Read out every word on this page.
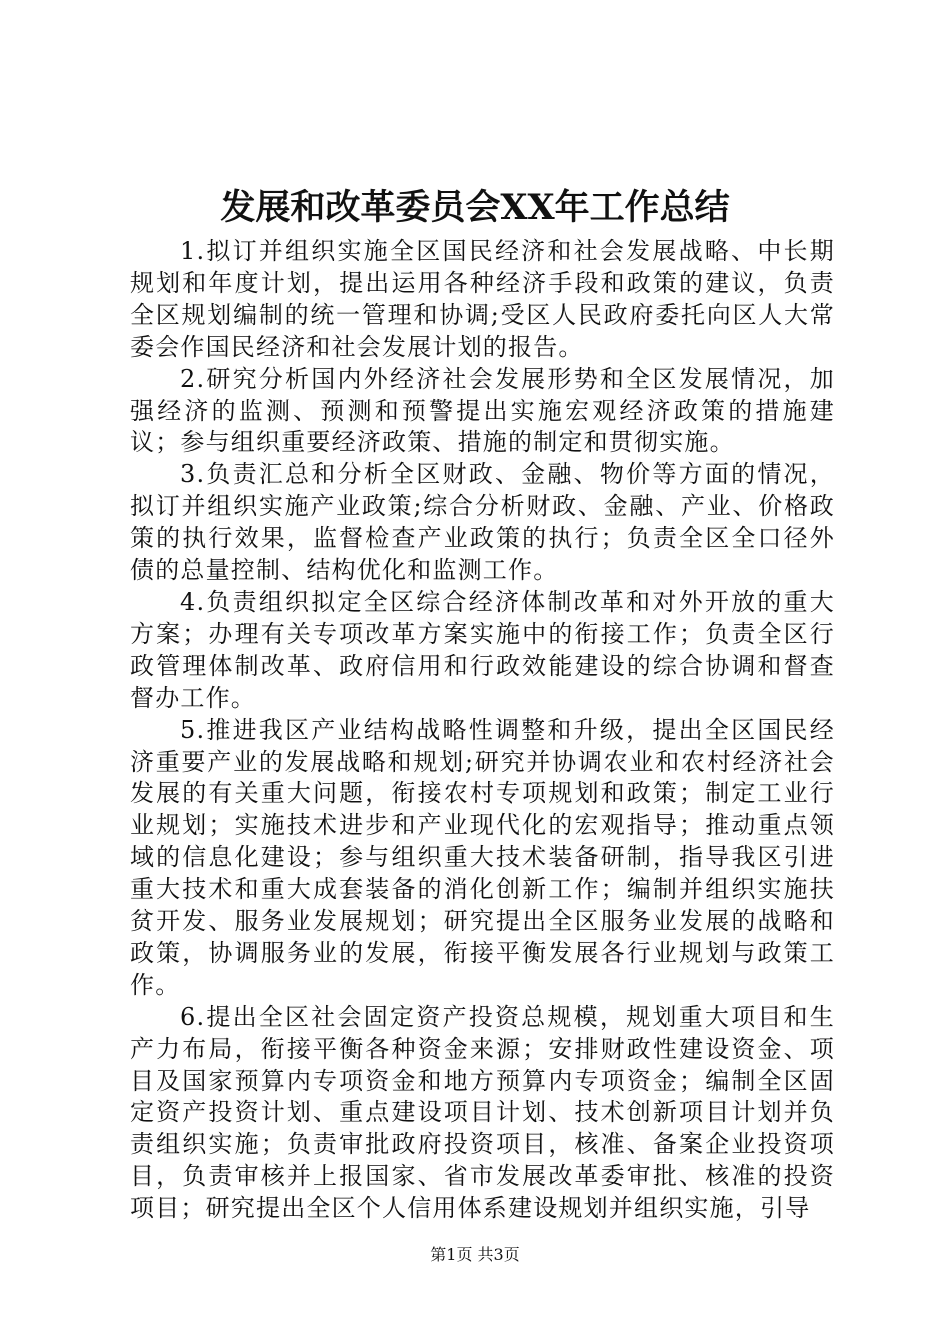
发展和改革委员会XX年工作总结

1.拟订并组织实施全区国民经济和社会发展战略、中长期规划和年度计划，提出运用各种经济手段和政策的建议，负责全区规划编制的统一管理和协调;受区人民政府委托向区人大常委会作国民经济和社会发展计划的报告。

2.研究分析国内外经济社会发展形势和全区发展情况，加强经济的监测、预测和预警提出实施宏观经济政策的措施建议；参与组织重要经济政策、措施的制定和贯彻实施。

3.负责汇总和分析全区财政、金融、物价等方面的情况，拟订并组织实施产业政策;综合分析财政、金融、产业、价格政策的执行效果，监督检查产业政策的执行；负责全区全口径外债的总量控制、结构优化和监测工作。

4.负责组织拟定全区综合经济体制改革和对外开放的重大方案；办理有关专项改革方案实施中的衔接工作；负责全区行政管理体制改革、政府信用和行政效能建设的综合协调和督查督办工作。

5.推进我区产业结构战略性调整和升级，提出全区国民经济重要产业的发展战略和规划;研究并协调农业和农村经济社会发展的有关重大问题，衔接农村专项规划和政策；制定工业行业规划；实施技术进步和产业现代化的宏观指导；推动重点领域的信息化建设；参与组织重大技术装备研制，指导我区引进重大技术和重大成套装备的消化创新工作；编制并组织实施扶贫开发、服务业发展规划；研究提出全区服务业发展的战略和政策，协调服务业的发展，衔接平衡发展各行业规划与政策工作。

6.提出全区社会固定资产投资总规模，规划重大项目和生产力布局，衔接平衡各种资金来源；安排财政性建设资金、项目及国家预算内专项资金和地方预算内专项资金；编制全区固定资产投资计划、重点建设项目计划、技术创新项目计划并负责组织实施；负责审批政府投资项目，核准、备案企业投资项目，负责审核并上报国家、省市发展改革委审批、核准的投资项目；研究提出全区个人信用体系建设规划并组织实施，引导

第1页 共3页
